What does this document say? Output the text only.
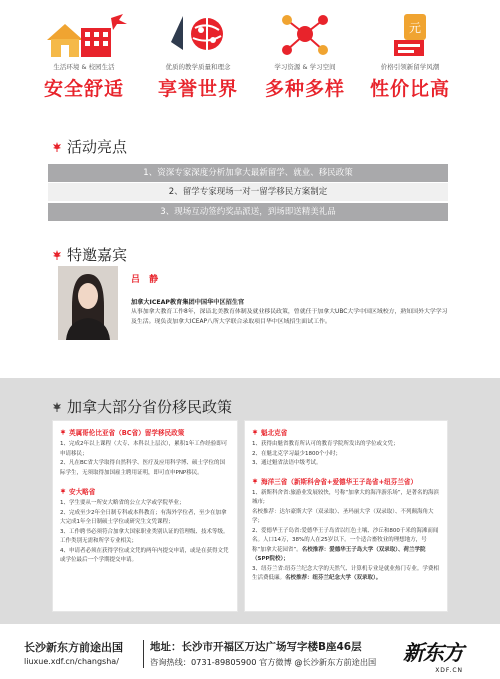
生活环境 & 校园生活
安全舒适
优质的教学质量和理念
享誉世界
学习资源 & 学习空间
多种多样
元
价格引领新留学风潮
性价比高
活动亮点
1、资深专家深度分析加拿大最新留学、就业、移民政策
2、留学专家现场一对一留学移民方案制定
3、现场互动签约奖品派送，到场即送精美礼品
特邀嘉宾
吕 静
加拿大ICEAP教育集团中国华中区招生官
从事加拿大教育工作8年，深谙北美教育体制及就业移民政策，曾就任于加拿大UBC大学中国区域校方，熟知国外大学学习及生活。现负责加拿大ICEAP八所大学联合录取项目华中区域招生面试工作。
加拿大部分省份移民政策
英属哥伦比亚省（BC省）留学移民政策
1、完成2年以上课程（大专、本科以上层次），累积1年工作经验即可申请移民；
2、凡在BC省大学取得自然科学、医疗及应用科学博、硕士学位的国际学生，无须取得加国雇主聘用证明，即可直申PNP移民。
安大略省
1、学生要从一所安大略省的公立大学或学院毕业；
2、完成至少2年全日制专科或本科教育；有海外学位者，至少在加拿大完成1年全日制硕士学位或研究生文凭课程；
3、工作聘书必须符合加拿大国家职业类别认证的管理级、技术等级。工作类别无需和所学专业相关；
4、申请者必须在获得学位或文凭的两年内提交申请，或是在获得文凭或学位最后一个学期提交申请。
魁北克省
1、获得由魁省教育所认可的教育学院所发出的学位或文凭；
2、在魁北克学习最少1800个小时；
3、通过魁省法语中级考试。
海洋三省（新斯科舍省+爱德华王子岛省+纽芬兰省）
1、新斯科舍省:旅游业发展较快，号称“加拿大的海洋游乐场”，是著名的海滨城市;
名校推荐：达尔豪斯大学（双录取）、圣玛丽大学（双录取）、不列颠海角大学；
2、爱德华王子岛省:爱德华王子岛省以红色土壤、沙丘和800千米的海滩而闻名。人口14万，38%的人在25岁以下。一个适合畜牧业的理想地方，号称“加拿大花园省”。名校推荐：爱德华王子岛大学（双录取）、荷兰学院（SPP院校）；
3、纽芬兰省:纽芬兰纪念大学的天然气、计算机专业是就业热门专业。学费相生活费低廉。名校推荐：纽芬兰纪念大学（双录取）。
长沙新东方前途出国
liuxue.xdf.cn/changsha/
地址：长沙市开福区万达广场写字楼B座46层
咨询热线：0731-89805900 官方微博 @长沙新东方前途出国 新东方
XDF.CN
